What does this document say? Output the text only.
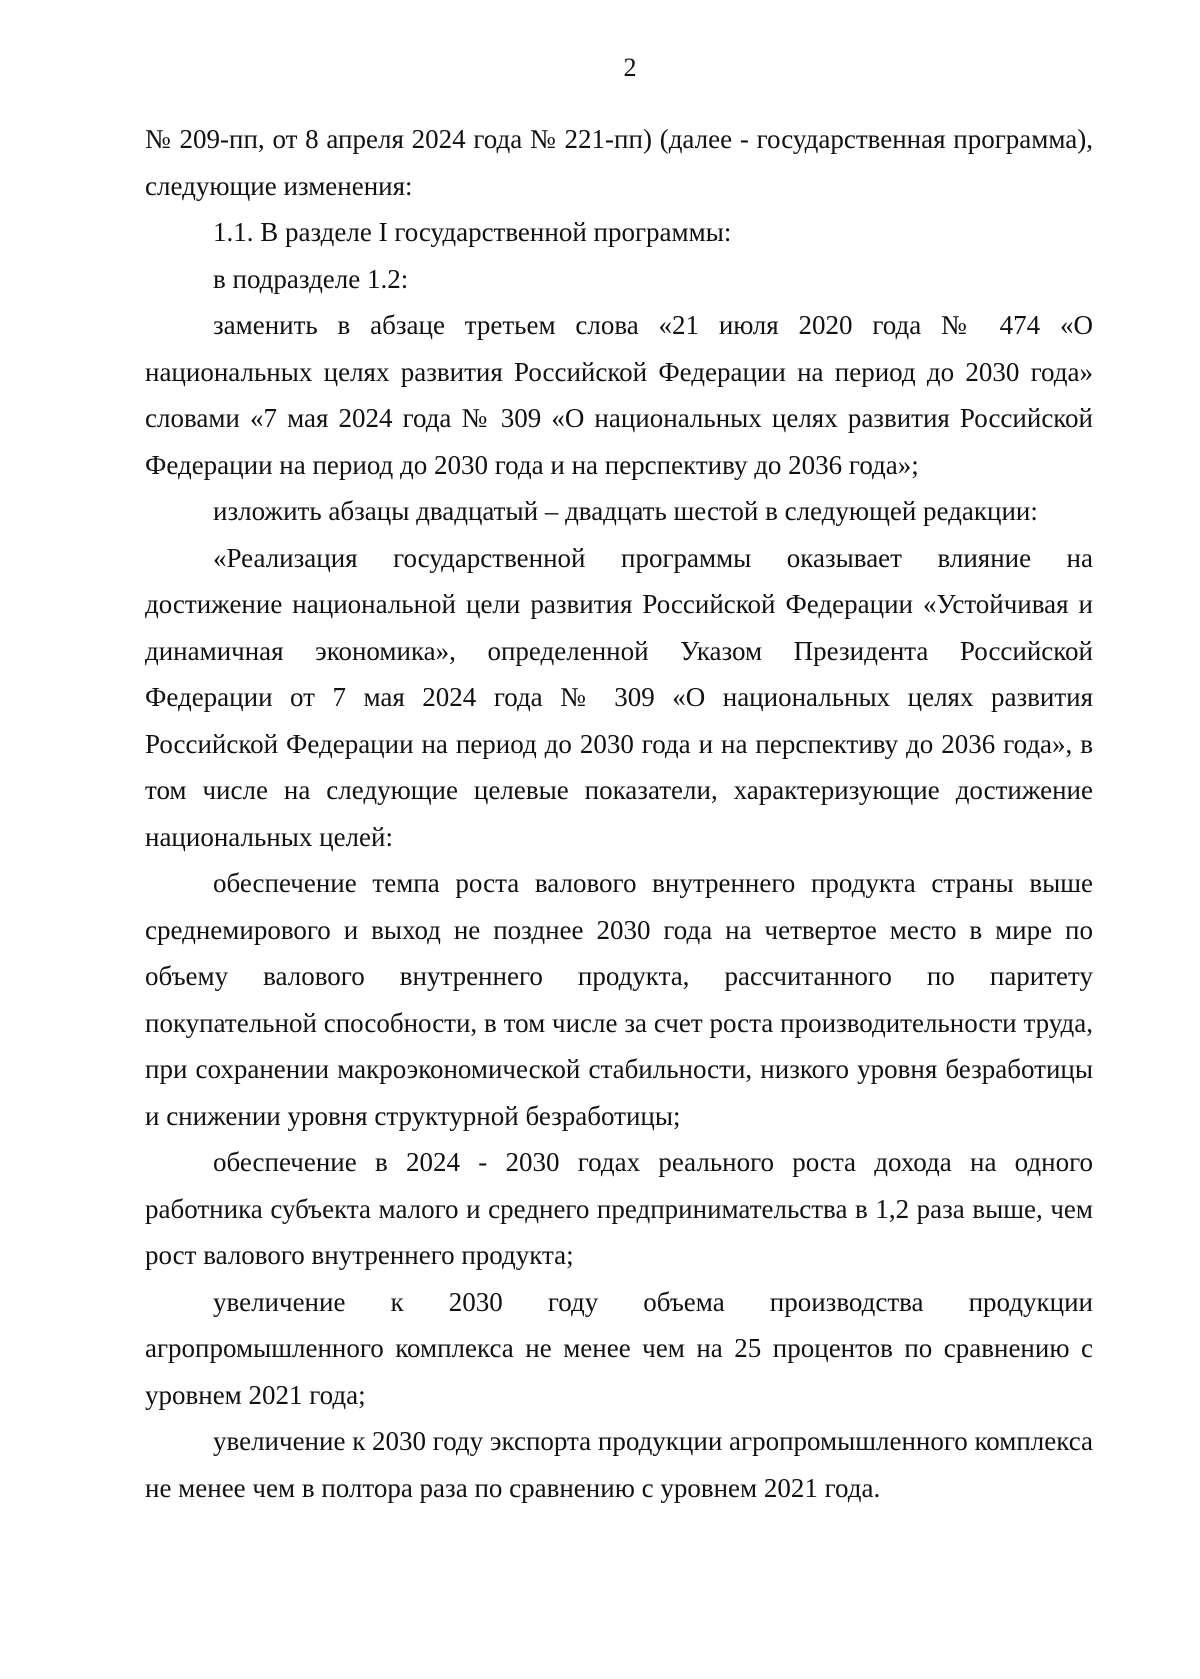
2

№ 209-пп, от 8 апреля 2024 года № 221-пп) (далее - государственная программа), следующие изменения:

1.1. В разделе I государственной программы:

в подразделе 1.2:

заменить в абзаце третьем слова «21 июля 2020 года № 474 «О национальных целях развития Российской Федерации на период до 2030 года» словами «7 мая 2024 года № 309 «О национальных целях развития Российской Федерации на период до 2030 года и на перспективу до 2036 года»;

изложить абзацы двадцатый – двадцать шестой в следующей редакции:

«Реализация государственной программы оказывает влияние на достижение национальной цели развития Российской Федерации «Устойчивая и динамичная экономика», определенной Указом Президента Российской Федерации от 7 мая 2024 года № 309 «О национальных целях развития Российской Федерации на период до 2030 года и на перспективу до 2036 года», в том числе на следующие целевые показатели, характеризующие достижение национальных целей:

обеспечение темпа роста валового внутреннего продукта страны выше среднемирового и выход не позднее 2030 года на четвертое место в мире по объему валового внутреннего продукта, рассчитанного по паритету покупательной способности, в том числе за счет роста производительности труда, при сохранении макроэкономической стабильности, низкого уровня безработицы и снижении уровня структурной безработицы;

обеспечение в 2024 - 2030 годах реального роста дохода на одного работника субъекта малого и среднего предпринимательства в 1,2 раза выше, чем рост валового внутреннего продукта;

увеличение к 2030 году объема производства продукции агропромышленного комплекса не менее чем на 25 процентов по сравнению с уровнем 2021 года;

увеличение к 2030 году экспорта продукции агропромышленного комплекса не менее чем в полтора раза по сравнению с уровнем 2021 года.
